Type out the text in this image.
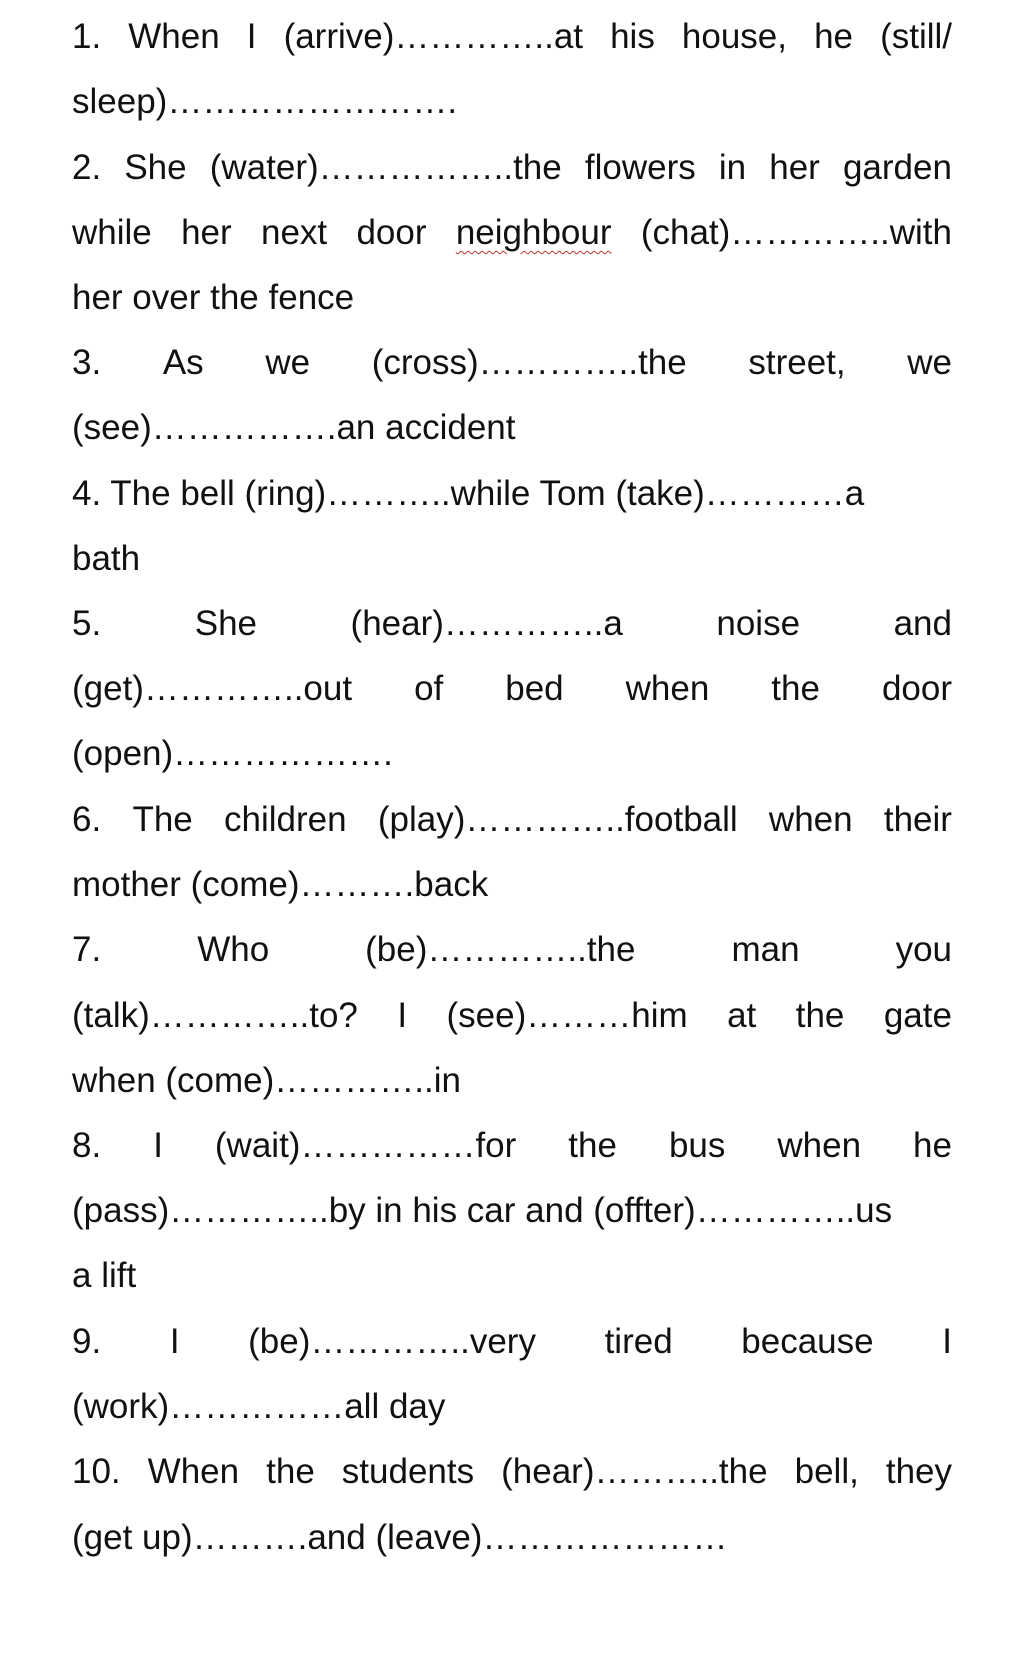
1. When I (arrive)…………..at his house, he (still/
sleep)…………………….
2. She (water)……………..the flowers in her garden
while her next door neighbour (chat)…………..with
her over the fence
3. As we (cross)…………..the street, we
(see)…………….an accident
4. The bell (ring)………..while Tom (take)…………a
bath
5.	She	(hear)…………..a	noise	and
(get)…………..out of bed when the door
(open)……………….
6. The children (play)…………..football when their
mother (come)……….back
7.	Who	(be)…………..the	man	you
(talk)…………..to? I (see)………him at the gate
when (come)…………..in
8. I (wait)……………for the bus when he
(pass)…………..by in his car and (offter)…………..us
a lift
9. I (be)…………..very tired because I
(work)……………all day
10. When the students (hear)………..the bell, they
(get up)……….and (leave)…………………
